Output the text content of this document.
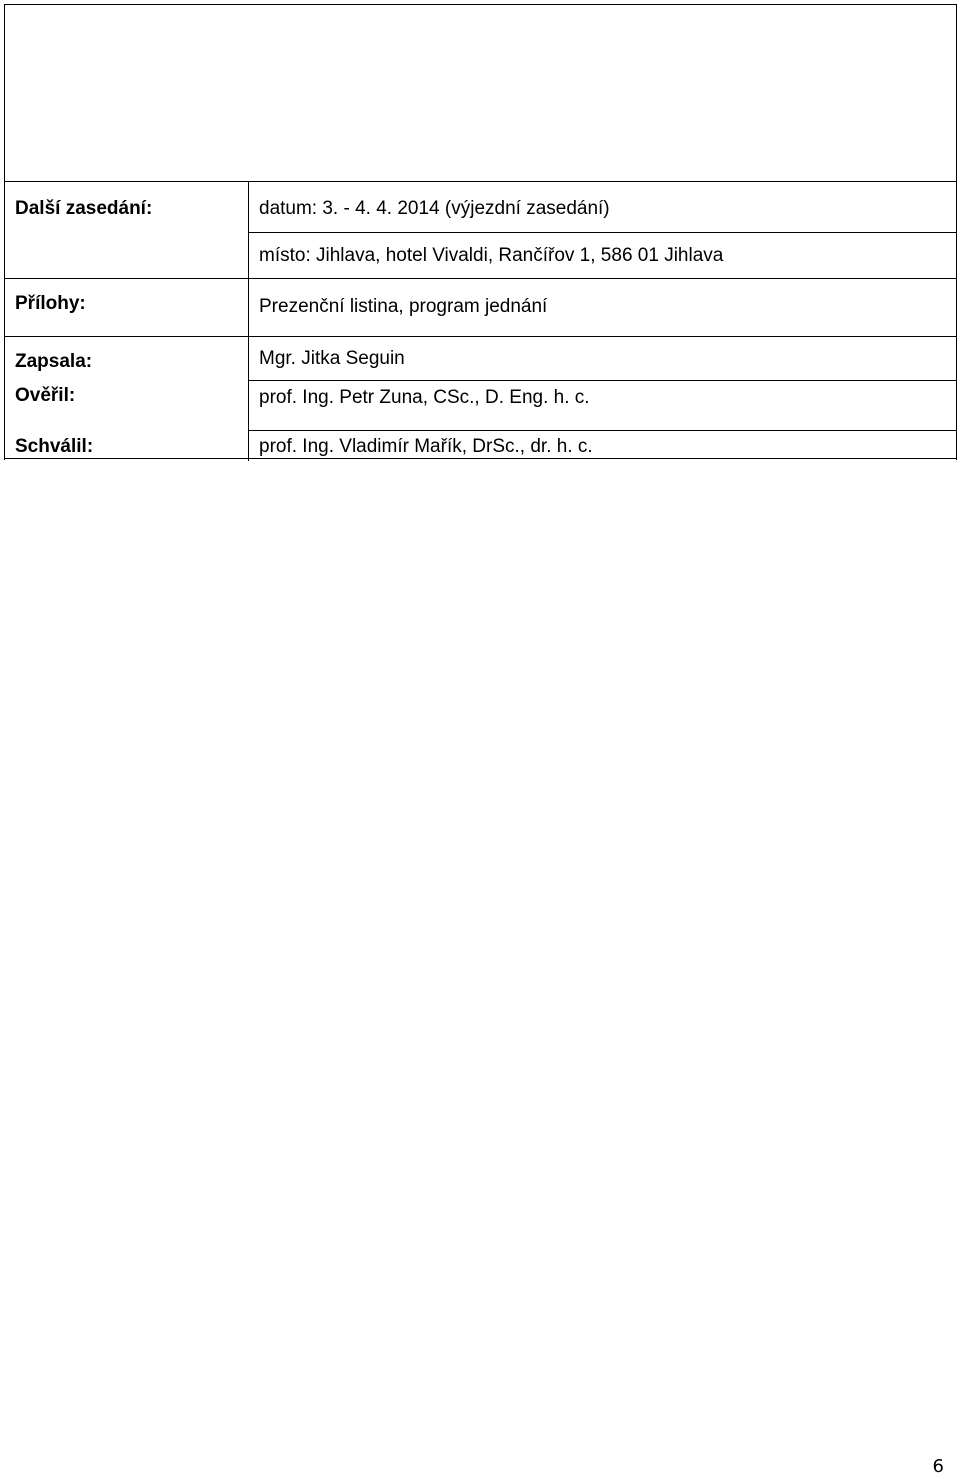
Další zasedání:	datum: 3. - 4. 4. 2014 (výjezdní zasedání)
místo: Jihlava, hotel Vivaldi, Rančířov 1, 586 01 Jihlava
Přílohy:	Prezenční listina, program jednání
Zapsala:	Mgr. Jitka Seguin
Ověřil:	prof. Ing. Petr Zuna, CSc., D. Eng. h. c.
Schválil:	prof. Ing. Vladimír Mařík, DrSc., dr. h. c.
6
